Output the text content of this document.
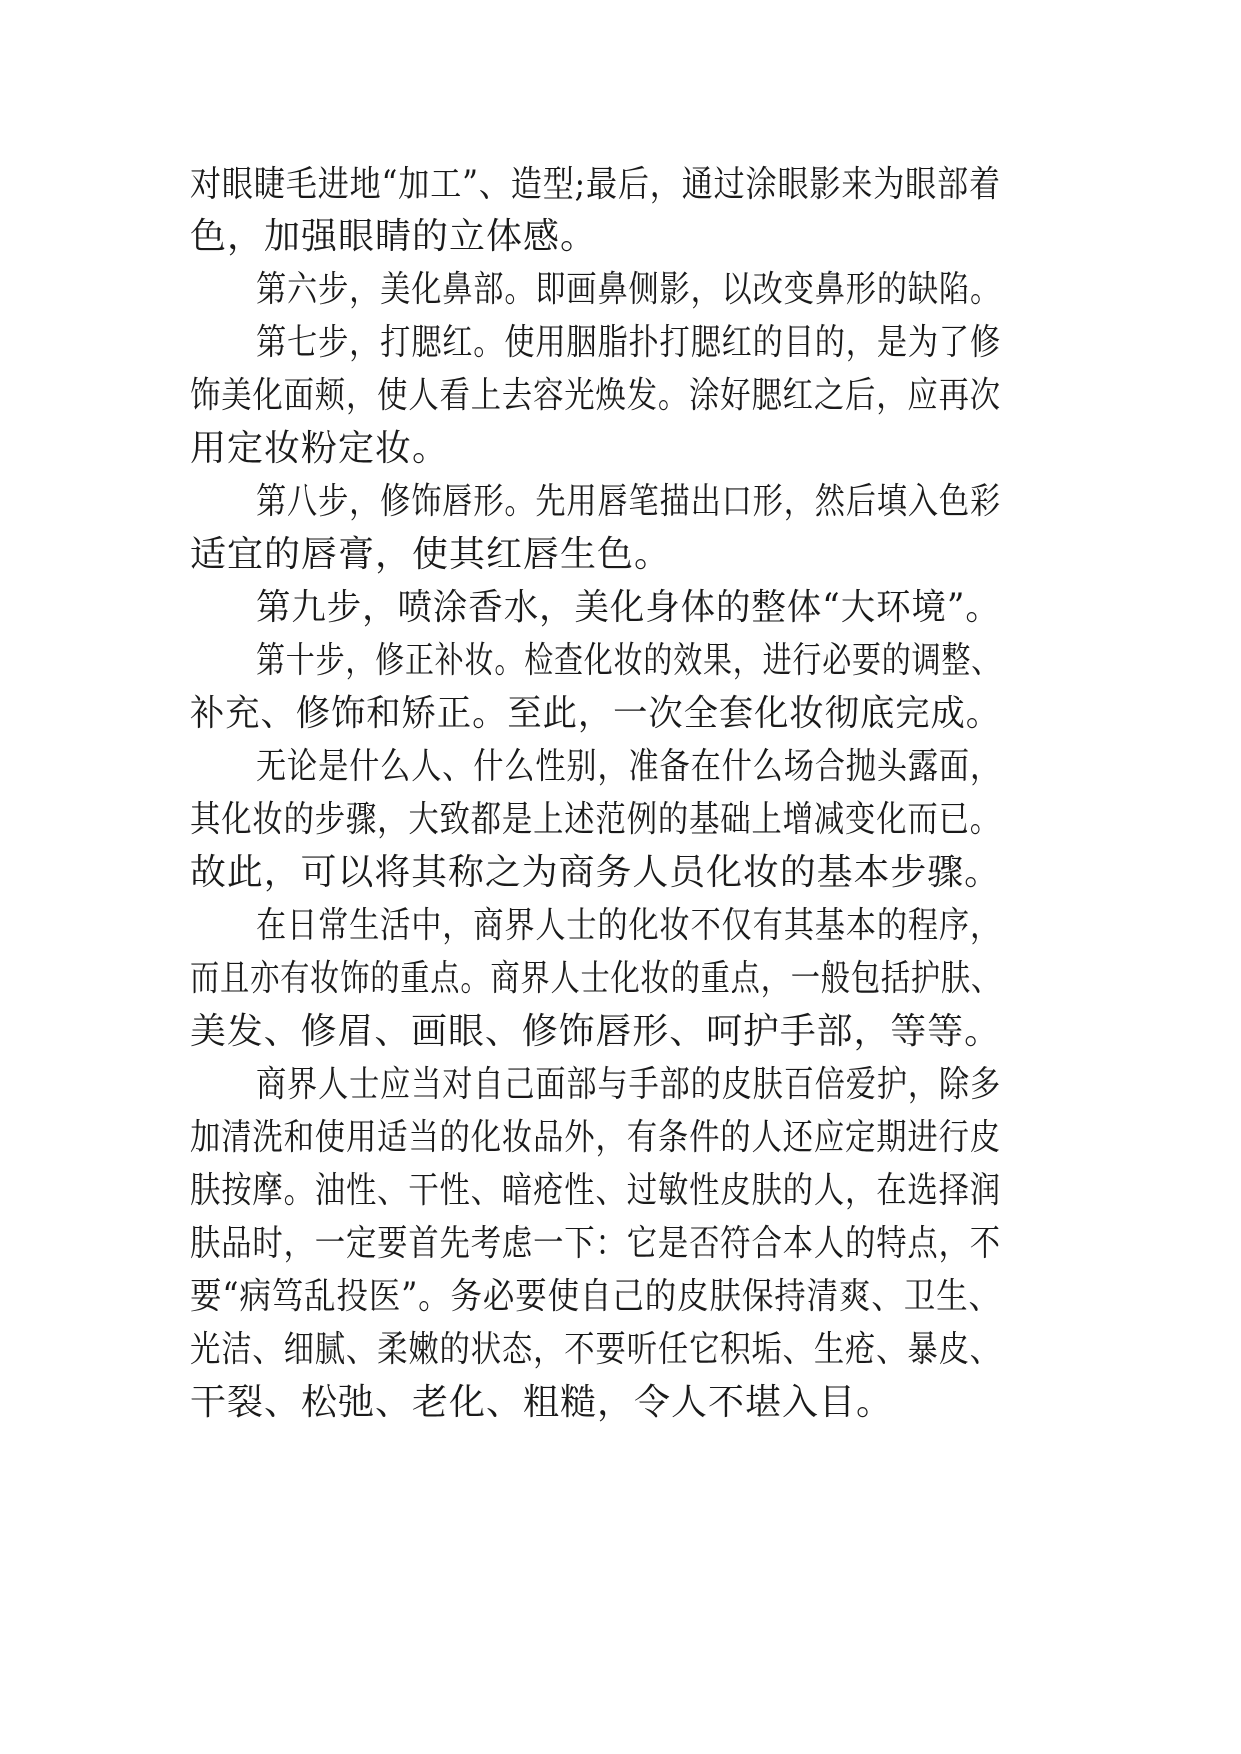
对眼睫毛进地“加工”、造型;最后，通过涂眼影来为眼部着

色，加强眼睛的立体感。

第六步，美化鼻部。即画鼻侧影，以改变鼻形的缺陷。

第七步，打腮红。使用胭脂扑打腮红的目的，是为了修

饰美化面颊，使人看上去容光焕发。涂好腮红之后，应再次

用定妆粉定妆。

第八步，修饰唇形。先用唇笔描出口形，然后填入色彩

适宜的唇膏，使其红唇生色。

第九步，喷涂香水，美化身体的整体“大环境”。

第十步，修正补妆。检查化妆的效果，进行必要的调整、

补充、修饰和矫正。至此，一次全套化妆彻底完成。

无论是什么人、什么性别，准备在什么场合抛头露面，

其化妆的步骤，大致都是上述范例的基础上增减变化而已。

故此，可以将其称之为商务人员化妆的基本步骤。

在日常生活中，商界人士的化妆不仅有其基本的程序，

而且亦有妆饰的重点。商界人士化妆的重点，一般包括护肤、

美发、修眉、画眼、修饰唇形、呵护手部，等等。

商界人士应当对自己面部与手部的皮肤百倍爱护，除多

加清洗和使用适当的化妆品外，有条件的人还应定期进行皮

肤按摩。油性、干性、暗疮性、过敏性皮肤的人，在选择润

肤品时，一定要首先考虑一下：它是否符合本人的特点，不

要“病笃乱投医”。务必要使自己的皮肤保持清爽、卫生、

光洁、细腻、柔嫩的状态，不要听任它积垢、生疮、暴皮、

干裂、松弛、老化、粗糙，令人不堪入目。
